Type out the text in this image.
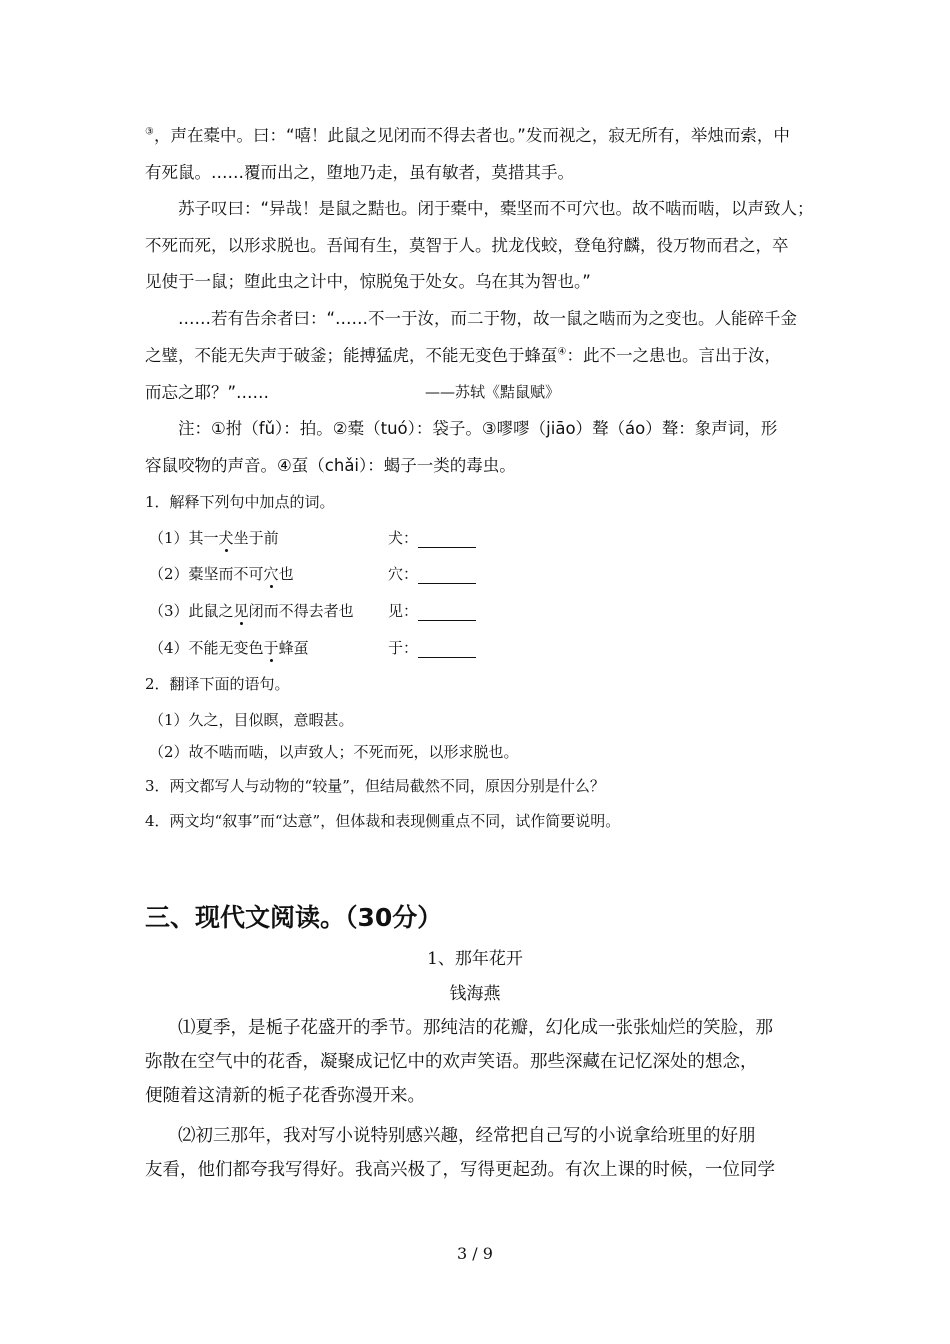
③，声在橐中。曰：“嘻！此鼠之见闭而不得去者也。”发而视之，寂无所有，举烛而索，中
有死鼠。……覆而出之，堕地乃走，虽有敏者，莫措其手。
苏子叹曰：“异哉！是鼠之黠也。闭于橐中，橐坚而不可穴也。故不啮而啮，以声致人；
不死而死，以形求脱也。吾闻有生，莫智于人。扰龙伐蛟，登龟狩麟，役万物而君之，卒
见使于一鼠；堕此虫之计中，惊脱兔于处女。乌在其为智也。”
……若有告余者曰：“……不一于汝，而二于物，故一鼠之啮而为之变也。人能碎千金
之璧，不能无失声于破釜；能搏猛虎，不能无变色于蜂虿④：此不一之患也。言出于汝，
而忘之耶？”……	——苏轼《黠鼠赋》
注：①拊（fǔ）：拍。②橐（tuó）：袋子。③嘐嘐（jiāo）聱（áo）聱：象声词，形
容鼠咬物的声音。④虿（chǎi）：蝎子一类的毒虫。
1．解释下列句中加点的词。
（1）其一犬坐于前	犬：
（2）橐坚而不可穴也	穴：
（3）此鼠之见闭而不得去者也 见：
（4）不能无变色于蜂虿	于：
2．翻译下面的语句。
（1）久之，目似瞑，意暇甚。
（2）故不啮而啮，以声致人；不死而死，以形求脱也。
3．两文都写人与动物的“较量”，但结局截然不同，原因分别是什么？
4．两文均“叙事”而“达意”，但体裁和表现侧重点不同，试作简要说明。
三、现代文阅读。（30分）
1、那年花开
钱海燕
⑴夏季，是栀子花盛开的季节。那纯洁的花瓣，幻化成一张张灿烂的笑脸，那
弥散在空气中的花香，凝聚成记忆中的欢声笑语。那些深藏在记忆深处的想念，
便随着这清新的栀子花香弥漫开来。
⑵初三那年，我对写小说特别感兴趣，经常把自己写的小说拿给班里的好朋
友看，他们都夸我写得好。我高兴极了，写得更起劲。有次上课的时候，一位同学
3 / 9
